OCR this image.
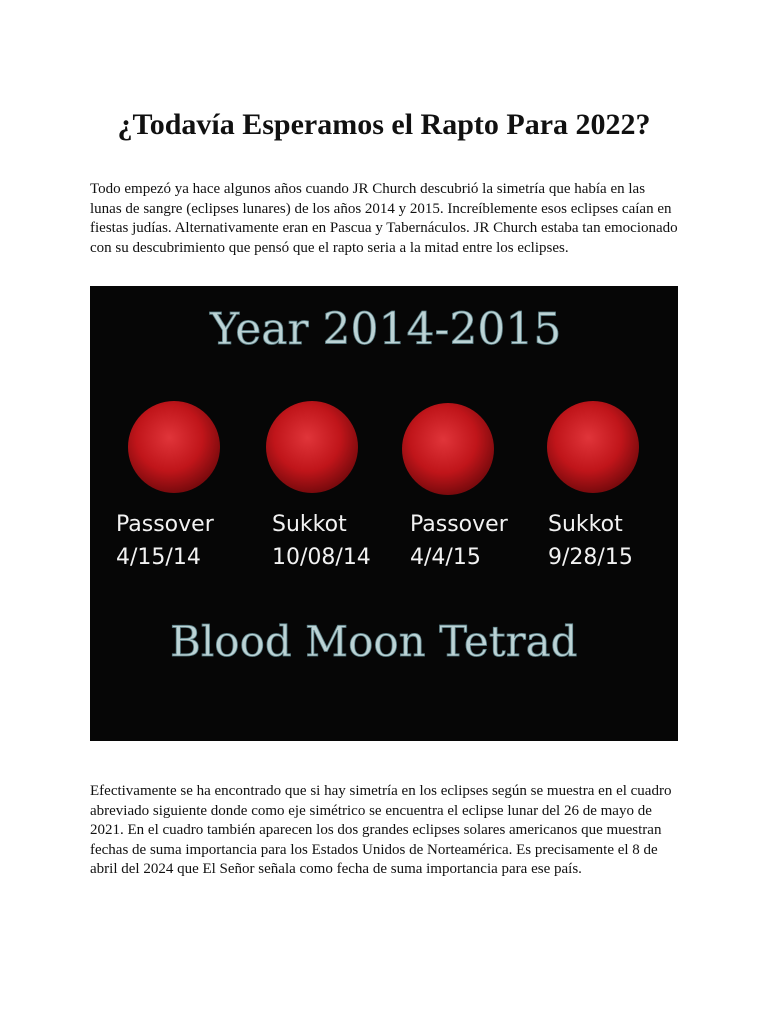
¿Todavía Esperamos el Rapto Para 2022?

Todo empezó ya hace algunos años cuando JR Church descubrió la simetría que había en las lunas de sangre (eclipses lunares) de los años 2014 y 2015. Increíblemente esos eclipses caían en fiestas judías. Alternativamente eran en Pascua y Tabernáculos. JR Church estaba tan emocionado con su descubrimiento que pensó que el rapto seria a la mitad entre los eclipses.

Year 2014-2015
Passover
4/15/14
Sukkot
10/08/14
Passover
4/4/15
Sukkot
9/28/15
Blood Moon Tetrad

Efectivamente se ha encontrado que si hay simetría en los eclipses según se muestra en el cuadro abreviado siguiente donde como eje simétrico se encuentra el eclipse lunar del 26 de mayo de 2021. En el cuadro también aparecen los dos grandes eclipses solares americanos que muestran fechas de suma importancia para los Estados Unidos de Norteamérica. Es precisamente el 8 de abril del 2024 que El Señor señala como fecha de suma importancia para ese país.
